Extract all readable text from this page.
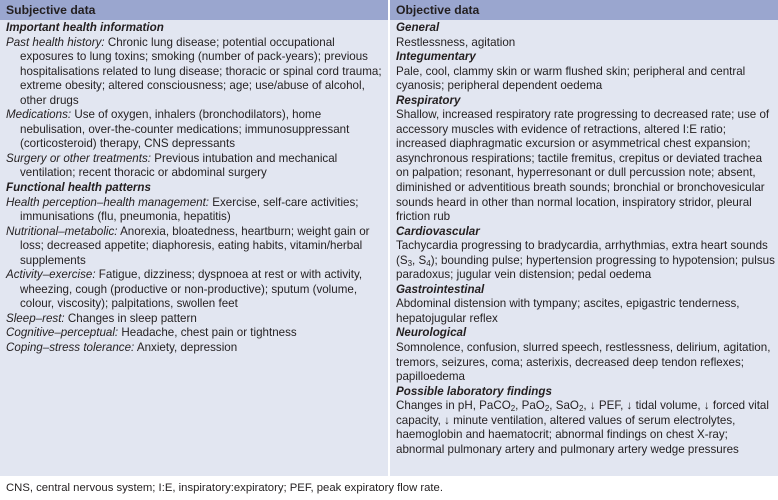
Subjective data	Objective data
Important health information
Past health history: Chronic lung disease; potential occupational exposures to lung toxins; smoking (number of pack-years); previous hospitalisations related to lung disease; thoracic or spinal cord trauma; extreme obesity; altered consciousness; age; use/abuse of alcohol, other drugs
Medications: Use of oxygen, inhalers (bronchodilators), home nebulisation, over-the-counter medications; immunosuppressant (corticosteroid) therapy, CNS depressants
Surgery or other treatments: Previous intubation and mechanical ventilation; recent thoracic or abdominal surgery
Functional health patterns
Health perception–health management: Exercise, self-care activities; immunisations (flu, pneumonia, hepatitis)
Nutritional–metabolic: Anorexia, bloatedness, heartburn; weight gain or loss; decreased appetite; diaphoresis, eating habits, vitamin/herbal supplements
Activity–exercise: Fatigue, dizziness; dyspnoea at rest or with activity, wheezing, cough (productive or non-productive); sputum (volume, colour, viscosity); palpitations, swollen feet
Sleep–rest: Changes in sleep pattern
Cognitive–perceptual: Headache, chest pain or tightness
Coping–stress tolerance: Anxiety, depression
General
Restlessness, agitation
Integumentary
Pale, cool, clammy skin or warm flushed skin; peripheral and central cyanosis; peripheral dependent oedema
Respiratory
Shallow, increased respiratory rate progressing to decreased rate; use of accessory muscles with evidence of retractions, altered I:E ratio; increased diaphragmatic excursion or asymmetrical chest expansion; asynchronous respirations; tactile fremitus, crepitus or deviated trachea on palpation; resonant, hyperresonant or dull percussion note; absent, diminished or adventitious breath sounds; bronchial or bronchovesicular sounds heard in other than normal location, inspiratory stridor, pleural friction rub
Cardiovascular
Tachycardia progressing to bradycardia, arrhythmias, extra heart sounds ($S_3$, $S_4$); bounding pulse; hypertension progressing to hypotension; pulsus paradoxus; jugular vein distension; pedal oedema
Gastrointestinal
Abdominal distension with tympany; ascites, epigastric tenderness, hepatojugular reflex
Neurological
Somnolence, confusion, slurred speech, restlessness, delirium, agitation, tremors, seizures, coma; asterixis, decreased deep tendon reflexes; papilloedema
Possible laboratory findings
Changes in pH, PaCO$_2$, PaO$_2$, SaO$_2$, ↓ PEF, ↓ tidal volume, ↓ forced vital capacity, ↓ minute ventilation, altered values of serum electrolytes, haemoglobin and haematocrit; abnormal findings on chest X-ray; abnormal pulmonary artery and pulmonary artery wedge pressures
CNS, central nervous system; I:E, inspiratory:expiratory; PEF, peak expiratory flow rate.
